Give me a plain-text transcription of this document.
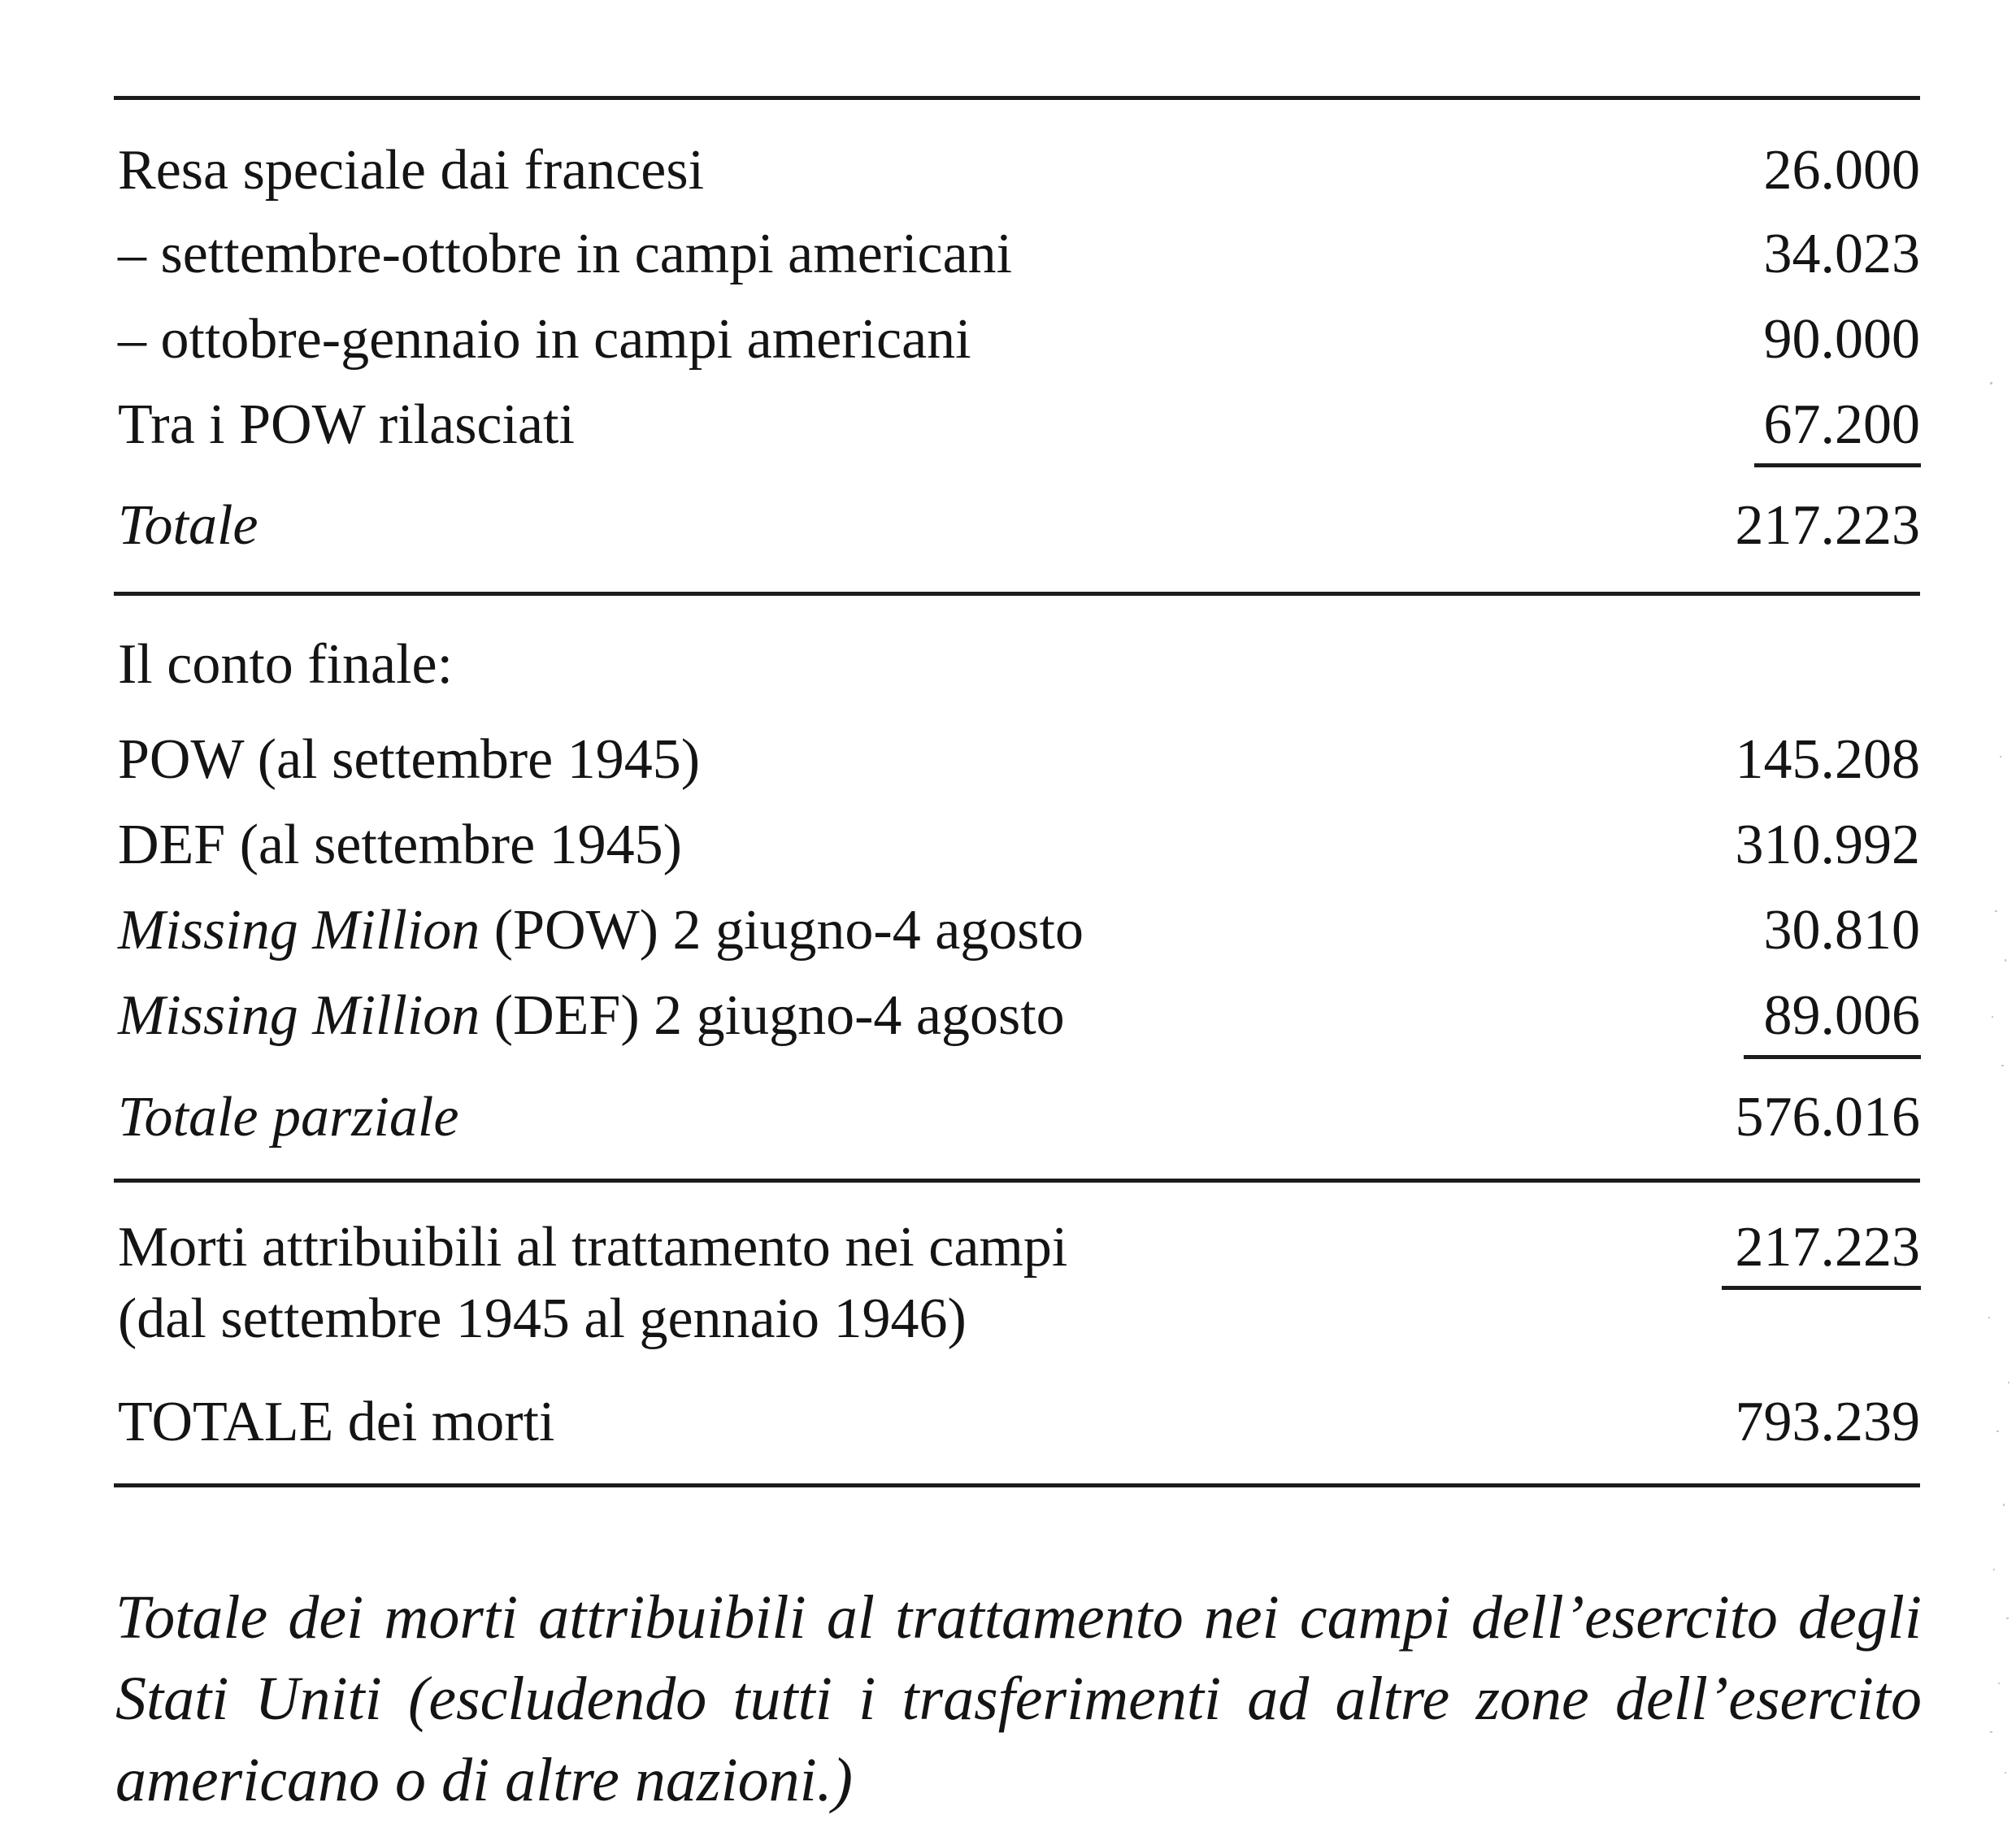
Resa speciale dai francesi	26.000
– settembre-ottobre in campi americani	34.023
– ottobre-gennaio in campi americani	90.000
Tra i POW rilasciati	67.200
Totale	217.223
Il conto finale:
POW (al settembre 1945)	145.208
DEF (al settembre 1945)	310.992
Missing Million (POW) 2 giugno-4 agosto	30.810
Missing Million (DEF) 2 giugno-4 agosto	89.006
Totale parziale	576.016
Morti attribuibili al trattamento nei campi	217.223
(dal settembre 1945 al gennaio 1946)
TOTALE dei morti	793.239
Totale dei morti attribuibili al trattamento nei campi dell’esercito degli Stati Uniti (escludendo tutti i trasferimenti ad altre zone dell’esercito americano o di altre nazioni.)
